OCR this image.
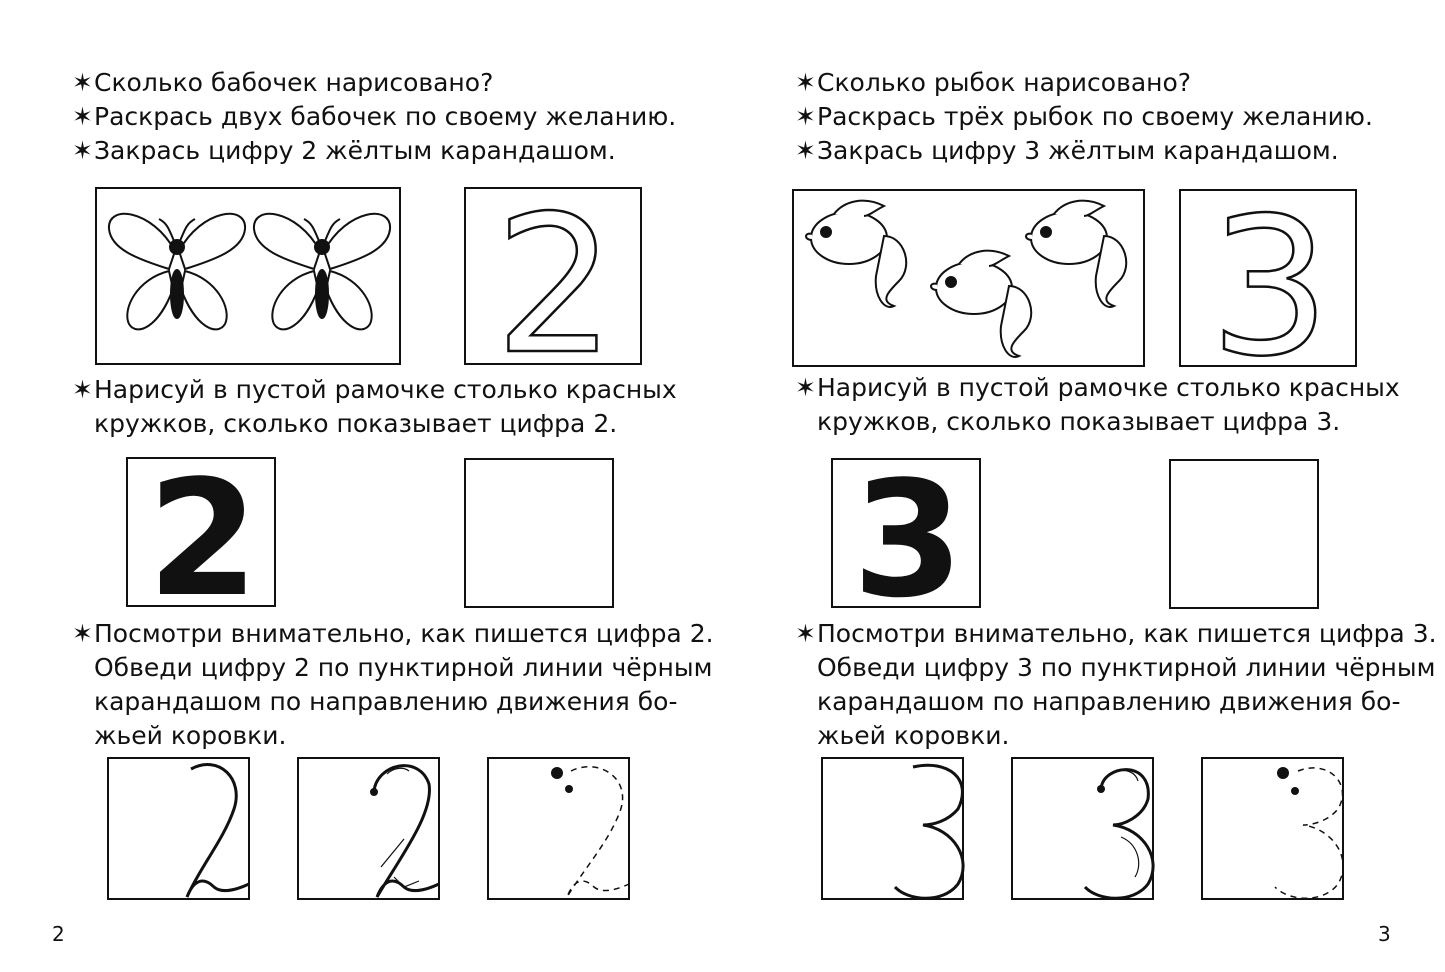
✶Сколько бабочек нарисовано?
✶Раскрась двух бабочек по своему желанию.
✶Закрась цифру 2 жёлтым карандашом.
2
✶Нарисуй в пустой рамочке столько красных
кружков, сколько показывает цифра 2.
2
✶Посмотри внимательно, как пишется цифра 2.
Обведи цифру 2 по пунктирной линии чёрным
карандашом по направлению движения бо-
жьей коровки.
2
✶Сколько рыбок нарисовано?
✶Раскрась трёх рыбок по своему желанию.
✶Закрась цифру 3 жёлтым карандашом.
3
✶Нарисуй в пустой рамочке столько красных
кружков, сколько показывает цифра 3.
3
✶Посмотри внимательно, как пишется цифра 3.
Обведи цифру 3 по пунктирной линии чёрным
карандашом по направлению движения бо-
жьей коровки.
3
